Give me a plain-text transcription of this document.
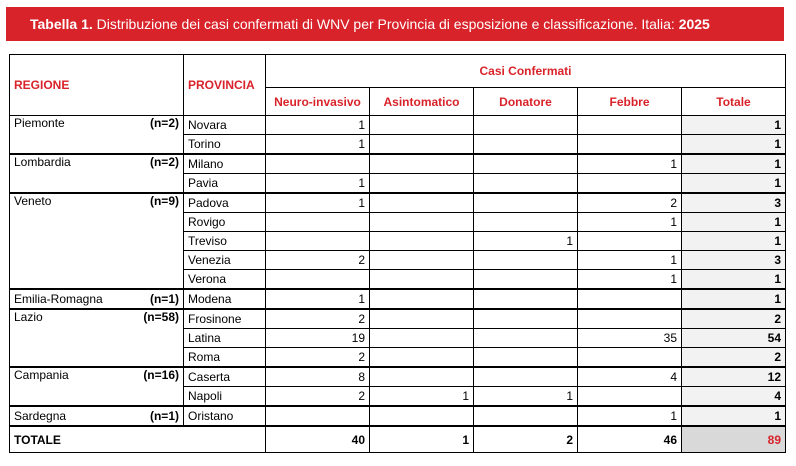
Tabella 1. Distribuzione dei casi confermati di WNV per Provincia di esposizione e classificazione. Italia: 2025
REGIONE	PROVINCIA	Casi Confermati				
		Neuro-invasivo	Asintomatico	Donatore	Febbre	Totale

Piemonte (n=2)	Novara	1				1

	Torino	1				1

Lombardia (n=2)	Milano				1	1

	Pavia	1				1

Veneto (n=9)	Padova	1			2	3

	Rovigo				1	1

	Treviso			1		1

	Venezia	2			1	3

	Verona				1	1

Emilia-Romagna (n=1)	Modena	1				1

Lazio (n=58)	Frosinone	2				2

	Latina	19			35	54

	Roma	2				2

Campania (n=16)	Caserta	8			4	12

	Napoli	2	1	1		4

Sardegna (n=1)	Oristano				1	1
TOTALE		40	1	2	46	89
